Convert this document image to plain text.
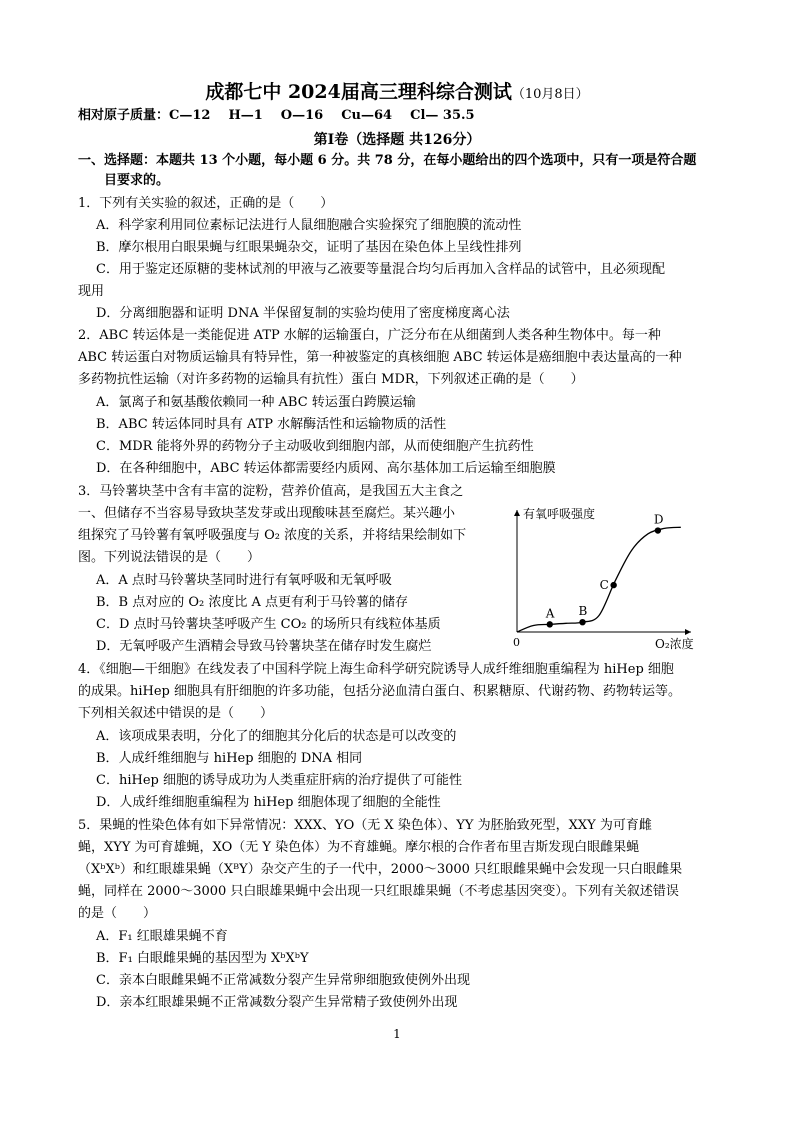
成都七中 2024届高三理科综合测试（10月8日）
相对原子质量：C—12 H—1 O—16 Cu—64 Cl— 35.5
第Ⅰ卷（选择题 共126分）
一、选择题：本题共 13 个小题，每小题 6 分。共 78 分，在每小题给出的四个选项中，只有一项是符合题
目要求的。
1．下列有关实验的叙述，正确的是（　　）
A．科学家利用同位素标记法进行人鼠细胞融合实验探究了细胞膜的流动性
B．摩尔根用白眼果蝇与红眼果蝇杂交，证明了基因在染色体上呈线性排列
C．用于鉴定还原糖的斐林试剂的甲液与乙液要等量混合均匀后再加入含样品的试管中，且必须现配
现用
D．分离细胞器和证明 DNA 半保留复制的实验均使用了密度梯度离心法
2．ABC 转运体是一类能促进 ATP 水解的运输蛋白，广泛分布在从细菌到人类各种生物体中。每一种
ABC 转运蛋白对物质运输具有特异性，第一种被鉴定的真核细胞 ABC 转运体是癌细胞中表达量高的一种
多药物抗性运输（对许多药物的运输具有抗性）蛋白 MDR，下列叙述正确的是（　　）
A．氯离子和氨基酸依赖同一种 ABC 转运蛋白跨膜运输
B．ABC 转运体同时具有 ATP 水解酶活性和运输物质的活性
C．MDR 能将外界的药物分子主动吸收到细胞内部，从而使细胞产生抗药性
D．在各种细胞中，ABC 转运体都需要经内质网、高尔基体加工后运输至细胞膜
3．马铃薯块茎中含有丰富的淀粉，营养价值高，是我国五大主食之
一、但储存不当容易导致块茎发芽或出现酸味甚至腐烂。某兴趣小
组探究了马铃薯有氧呼吸强度与 O₂ 浓度的关系，并将结果绘制如下
图。下列说法错误的是（　　）
A．A 点时马铃薯块茎同时进行有氧呼吸和无氧呼吸
B．B 点对应的 O₂ 浓度比 A 点更有利于马铃薯的储存
C．D 点时马铃薯块茎呼吸产生 CO₂ 的场所只有线粒体基质
D．无氧呼吸产生酒精会导致马铃薯块茎在储存时发生腐烂
A B
C
D
有氧呼吸强度
O₂浓度
0
4．《细胞—干细胞》在线发表了中国科学院上海生命科学研究院诱导人成纤维细胞重编程为 hiHep 细胞
的成果。hiHep 细胞具有肝细胞的许多功能，包括分泌血清白蛋白、积累糖原、代谢药物、药物转运等。
下列相关叙述中错误的是（　　）
A．该项成果表明，分化了的细胞其分化后的状态是可以改变的
B．人成纤维细胞与 hiHep 细胞的 DNA 相同
C．hiHep 细胞的诱导成功为人类重症肝病的治疗提供了可能性
D．人成纤维细胞重编程为 hiHep 细胞体现了细胞的全能性
5．果蝇的性染色体有如下异常情况：XXX、YO（无 X 染色体）、YY 为胚胎致死型，XXY 为可育雌
蝇，XYY 为可育雄蝇，XO（无 Y 染色体）为不育雄蝇。摩尔根的合作者布里吉斯发现白眼雌果蝇
（XᵇXᵇ）和红眼雄果蝇（XᴮY）杂交产生的子一代中，2000～3000 只红眼雌果蝇中会发现一只白眼雌果
蝇，同样在 2000～3000 只白眼雄果蝇中会出现一只红眼雄果蝇（不考虑基因突变）。下列有关叙述错误
的是（　　）
A．F₁ 红眼雄果蝇不育
B．F₁ 白眼雌果蝇的基因型为 XᵇXᵇY
C．亲本白眼雌果蝇不正常减数分裂产生异常卵细胞致使例外出现
D．亲本红眼雄果蝇不正常减数分裂产生异常精子致使例外出现
1
